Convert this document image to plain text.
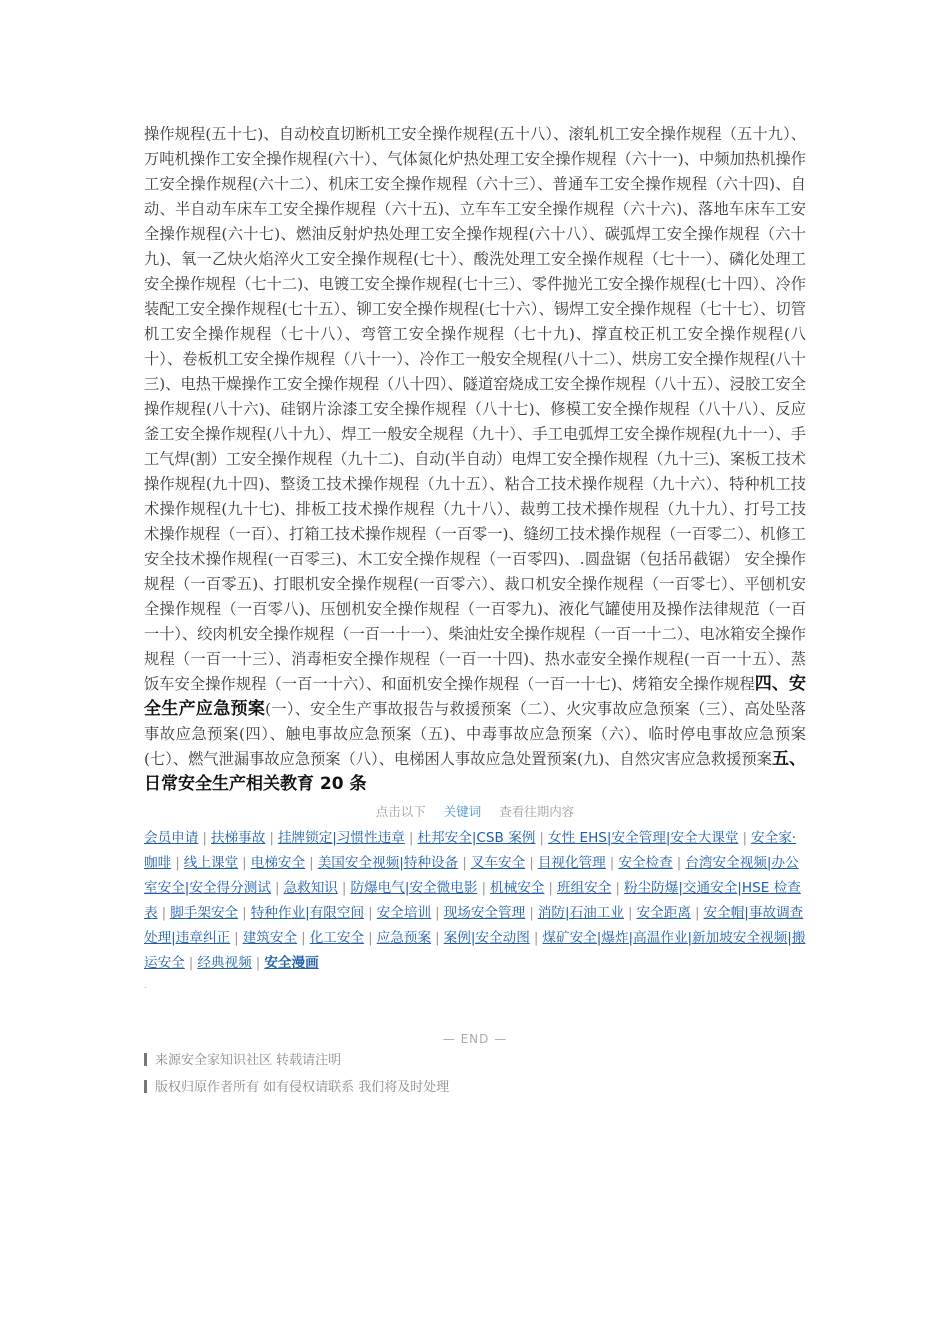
操作规程(五十七)、自动校直切断机工安全操作规程(五十八）、滚轧机工安全操作规程（五十九）、万吨机操作工安全操作规程(六十）、气体氮化炉热处理工安全操作规程（六十一)、中频加热机操作工安全操作规程(六十二）、机床工安全操作规程（六十三）、普通车工安全操作规程（六十四)、自动、半自动车床车工安全操作规程（六十五)、立车车工安全操作规程（六十六)、落地车床车工安全操作规程(六十七)、燃油反射炉热处理工安全操作规程(六十八）、碳弧焊工安全操作规程（六十九)、氧一乙炔火焰淬火工安全操作规程(七十）、酸洗处理工安全操作规程（七十一）、磷化处理工安全操作规程（七十二)、电镀工安全操作规程(七十三）、零件抛光工安全操作规程(七十四）、冷作装配工安全操作规程(七十五）、铆工安全操作规程(七十六）、锡焊工安全操作规程（七十七）、切管机工安全操作规程（七十八）、弯管工安全操作规程（七十九)、撑直校正机工安全操作规程(八十）、卷板机工安全操作规程（八十一）、冷作工一般安全规程(八十二）、烘房工安全操作规程(八十三)、电热干燥操作工安全操作规程（八十四）、隧道窑烧成工安全操作规程（八十五）、浸胶工安全操作规程(八十六)、硅钢片涂漆工安全操作规程（八十七)、修模工安全操作规程（八十八）、反应釜工安全操作规程(八十九）、焊工一般安全规程（九十）、手工电弧焊工安全操作规程(九十一）、手工气焊(割）工安全操作规程（九十二)、自动(半自动）电焊工安全操作规程（九十三)、案板工技术操作规程(九十四)、整烫工技术操作规程（九十五）、粘合工技术操作规程（九十六）、特种机工技术操作规程(九十七)、排板工技术操作规程（九十八）、裁剪工技术操作规程（九十九）、打号工技术操作规程（一百）、打箱工技术操作规程（一百零一)、缝纫工技术操作规程（一百零二）、机修工安全技术操作规程(一百零三)、木工安全操作规程（一百零四)、.圆盘锯（包括吊截锯） 安全操作规程（一百零五)、打眼机安全操作规程(一百零六）、裁口机安全操作规程（一百零七）、平刨机安全操作规程（一百零八)、压刨机安全操作规程（一百零九)、液化气罐使用及操作法律规范（一百一十）、绞肉机安全操作规程（一百一十一）、柴油灶安全操作规程（一百一十二）、电冰箱安全操作规程（一百一十三）、消毒柜安全操作规程（一百一十四)、热水壶安全操作规程(一百一十五）、蒸饭车安全操作规程（一百一十六）、和面机安全操作规程（一百一十七)、烤箱安全操作规程四、安全生产应急预案(一）、安全生产事故报告与救援预案（二）、火灾事故应急预案（三）、高处坠落事故应急预案(四）、触电事故应急预案（五)、中毒事故应急预案（六）、临时停电事故应急预案(七）、燃气泄漏事故应急预案（八）、电梯困人事故应急处置预案(九)、自然灾害应急救援预案五、日常安全生产相关教育 20 条

点击以下 关键词 查看往期内容
会员申请 | 扶梯事故 | 挂牌锁定|习惯性违章 | 杜邦安全|CSB 案例 | 女性 EHS|安全管理|安全大课堂 | 安全家·咖啡 | 线上课堂 | 电梯安全 | 美国安全视频|特种设备 | 叉车安全 | 目视化管理 | 安全检查 | 台湾安全视频|办公室安全|安全得分测试 | 急救知识 | 防爆电气|安全微电影 | 机械安全 | 班组安全 | 粉尘防爆|交通安全|HSE 检查表 | 脚手架安全 | 特种作业|有限空间 | 安全培训 | 现场安全管理 | 消防|石油工业 | 安全距离 | 安全帽|事故调查处理|违章纠正 | 建筑安全 | 化工安全 | 应急预案 | 案例|安全动图 | 煤矿安全|爆炸|高温作业|新加坡安全视频|搬运安全 | 经典视频 | 安全漫画
.
— END —
来源安全家知识社区 转载请注明
版权归原作者所有 如有侵权请联系 我们将及时处理
